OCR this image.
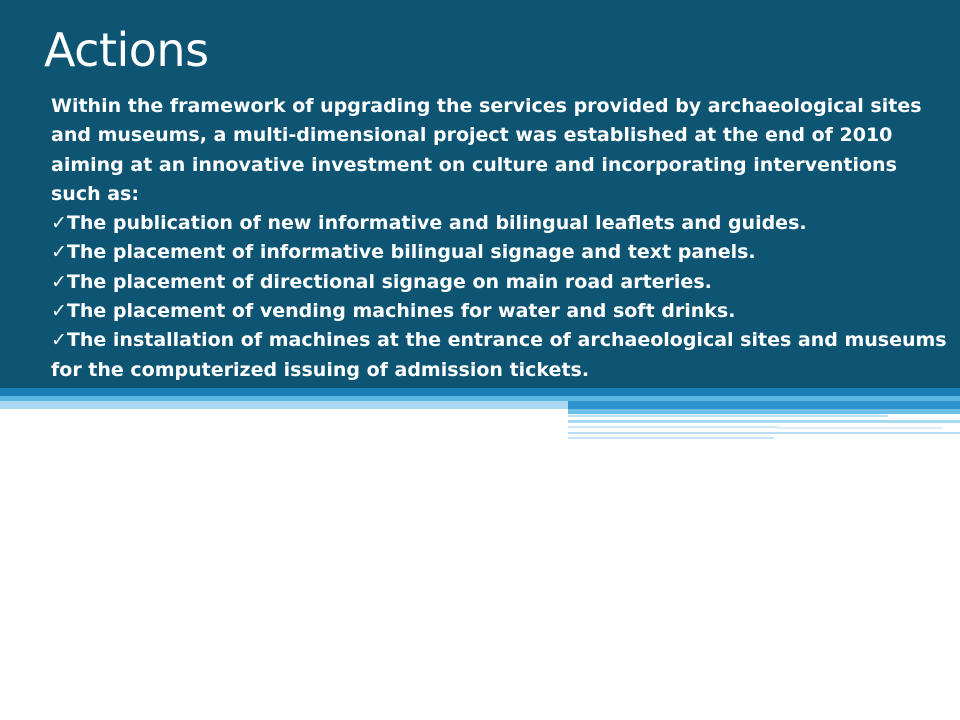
Actions

Within the framework of upgrading the services provided by archaeological sites and museums, a multi-dimensional project was established at the end of 2010 aiming at an innovative investment on culture and incorporating interventions such as:

✓The publication of new informative and bilingual leaflets and guides.

✓The placement of informative bilingual signage and text panels.

✓The placement of directional signage on main road arteries.

✓The placement of vending machines for water and soft drinks.

✓The installation of machines at the entrance of archaeological sites and museums for the computerized issuing of admission tickets.
